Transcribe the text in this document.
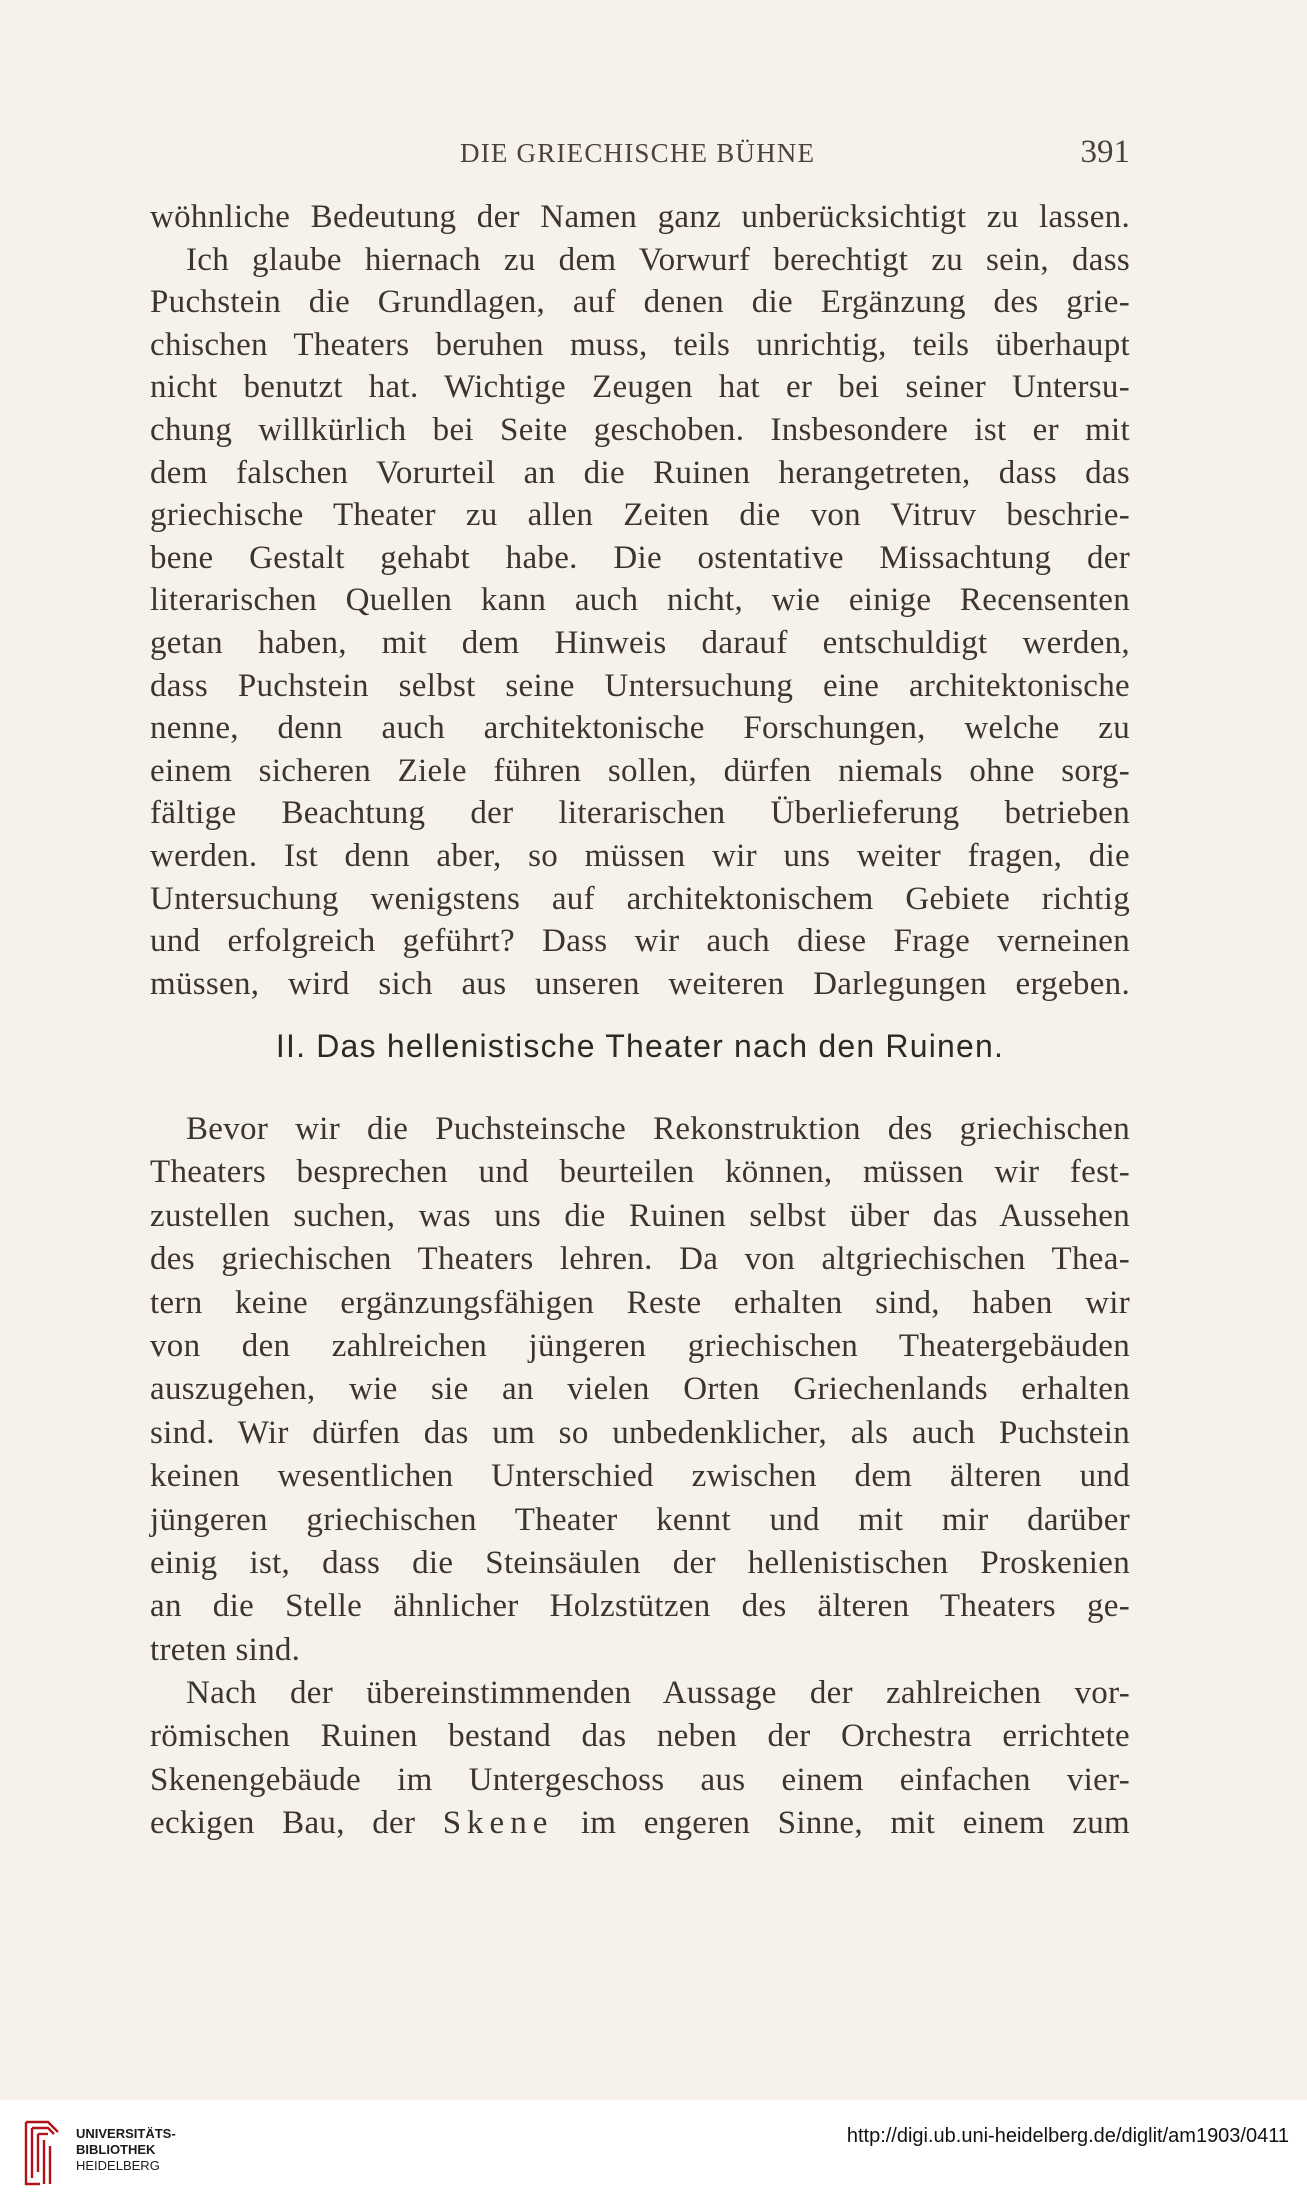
DIE GRIECHISCHE BÜHNE	391
wöhnliche Bedeutung der Namen ganz unberücksichtigt zu lassen.
Ich glaube hiernach zu dem Vorwurf berechtigt zu sein, dass
Puchstein die Grundlagen, auf denen die Ergänzung des grie-
chischen Theaters beruhen muss, teils unrichtig, teils überhaupt
nicht benutzt hat. Wichtige Zeugen hat er bei seiner Untersu-
chung willkürlich bei Seite geschoben. Insbesondere ist er mit
dem falschen Vorurteil an die Ruinen herangetreten, dass das
griechische Theater zu allen Zeiten die von Vitruv beschrie-
bene Gestalt gehabt habe. Die ostentative Missachtung der
literarischen Quellen kann auch nicht, wie einige Recensenten
getan haben, mit dem Hinweis darauf entschuldigt werden,
dass Puchstein selbst seine Untersuchung eine architektonische
nenne, denn auch architektonische Forschungen, welche zu
einem sicheren Ziele führen sollen, dürfen niemals ohne sorg-
fältige Beachtung der literarischen Überlieferung betrieben
werden. Ist denn aber, so müssen wir uns weiter fragen, die
Untersuchung wenigstens auf architektonischem Gebiete richtig
und erfolgreich geführt? Dass wir auch diese Frage verneinen
müssen, wird sich aus unseren weiteren Darlegungen ergeben.
II. Das hellenistische Theater nach den Ruinen.
Bevor wir die Puchsteinsche Rekonstruktion des griechischen
Theaters besprechen und beurteilen können, müssen wir fest-
zustellen suchen, was uns die Ruinen selbst über das Aussehen
des griechischen Theaters lehren. Da von altgriechischen Thea-
tern keine ergänzungsfähigen Reste erhalten sind, haben wir
von den zahlreichen jüngeren griechischen Theatergebäuden
auszugehen, wie sie an vielen Orten Griechenlands erhalten
sind. Wir dürfen das um so unbedenklicher, als auch Puchstein
keinen wesentlichen Unterschied zwischen dem älteren und
jüngeren griechischen Theater kennt und mit mir darüber
einig ist, dass die Steinsäulen der hellenistischen Proskenien
an die Stelle ähnlicher Holzstützen des älteren Theaters ge-
treten sind.
Nach der übereinstimmenden Aussage der zahlreichen vor-
römischen Ruinen bestand das neben der Orchestra errichtete
Skenengebäude im Untergeschoss aus einem einfachen vier-
eckigen Bau, der Skene im engeren Sinne, mit einem zum
UNIVERSITÄTS-
BIBLIOTHEK
HEIDELBERG
http://digi.ub.uni-heidelberg.de/diglit/am1903/0411
